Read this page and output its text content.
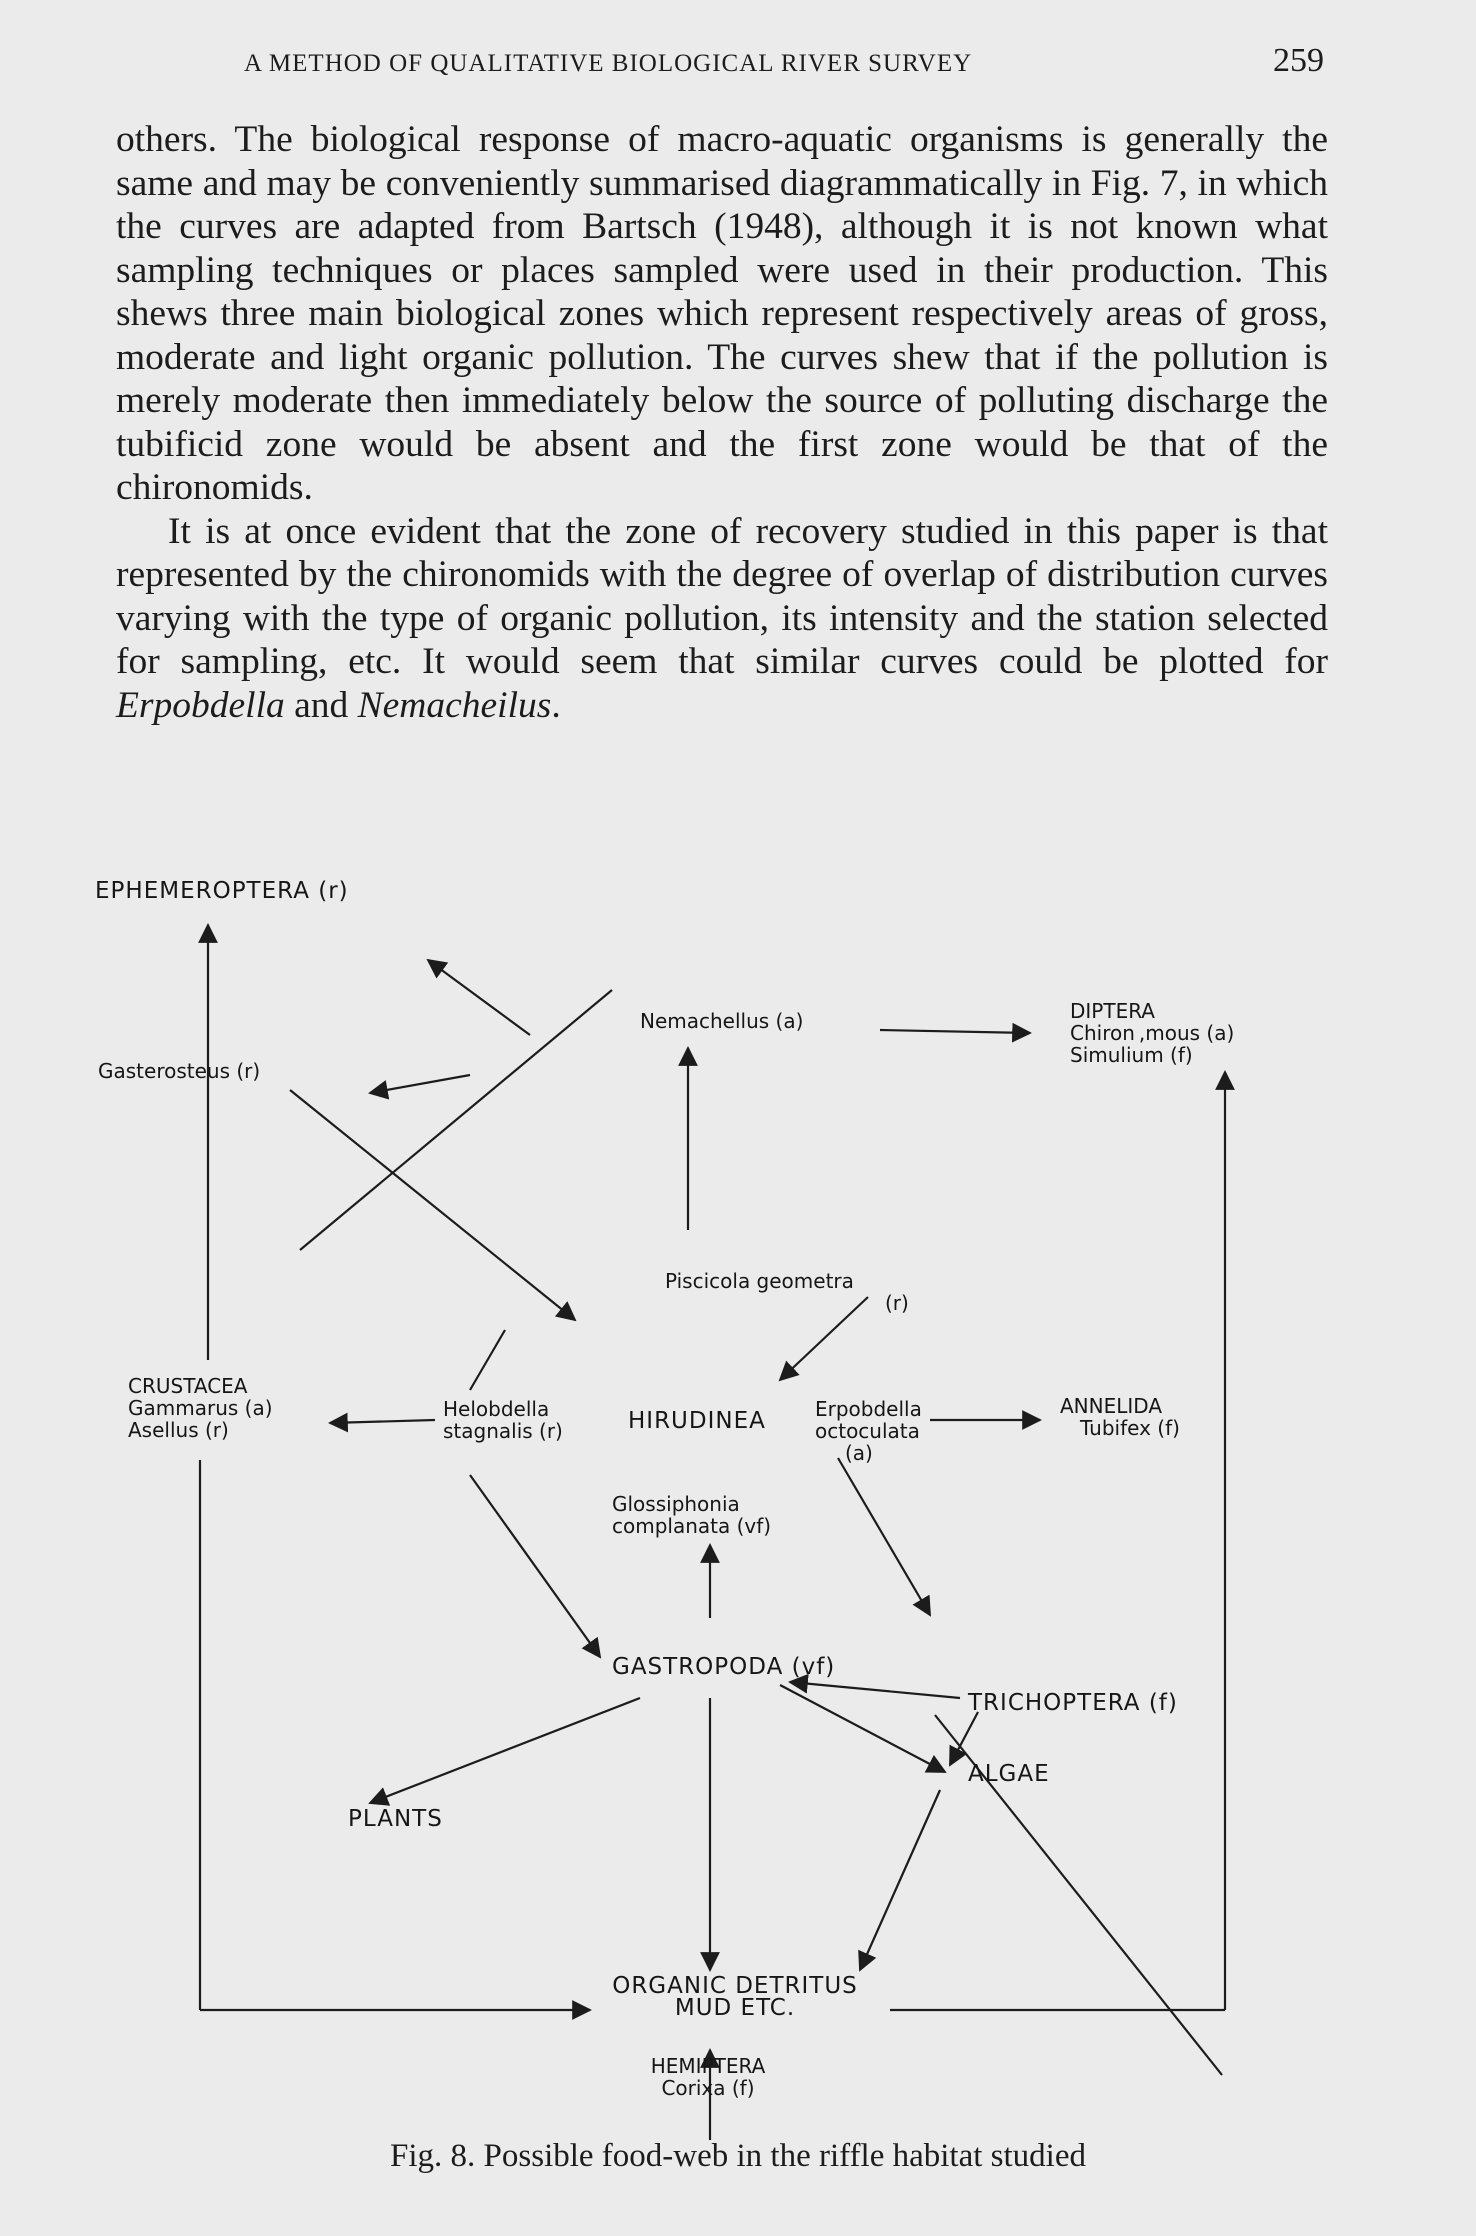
A METHOD OF QUALITATIVE BIOLOGICAL RIVER SURVEY	259

others. The biological response of macro-aquatic organisms is generally the same and may be conveniently summarised diagrammatically in Fig. 7, in which the curves are adapted from Bartsch (1948), although it is not known what sampling techniques or places sampled were used in their production. This shews three main biological zones which represent respectively areas of gross, moderate and light organic pollution. The curves shew that if the pollution is merely moderate then immediately below the source of polluting discharge the tubificid zone would be absent and the first zone would be that of the chironomids.

It is at once evident that the zone of recovery studied in this paper is that represented by the chironomids with the degree of overlap of distribution curves varying with the type of organic pollution, its intensity and the station selected for sampling, etc. It would seem that similar curves could be plotted for Erpobdella and Nemacheilus.

EPHEMEROPTERA (r)
Gasterosteus (r)
Nemachellus (a)	DIPTERA
Chiron ,mous (a)
Simulium (f)
Piscicola geometra
(r)
CRUSTACEA
Gammarus (a)
Asellus (r)
Helobdella
stagnalis (r)	HIRUDINEA Erpobdella
octoculata
(a)
ANNELIDA
Tubifex (f)
Glossiphonia
complanata (vf)
GASTROPODA (vf)
TRICHOPTERA (f)
ALGAE
PLANTS
ORGANIC DETRITUS
MUD ETC.
HEMIPTERA
Corixa (f)
Fig. 8. Possible food-web in the riffle habitat studied
